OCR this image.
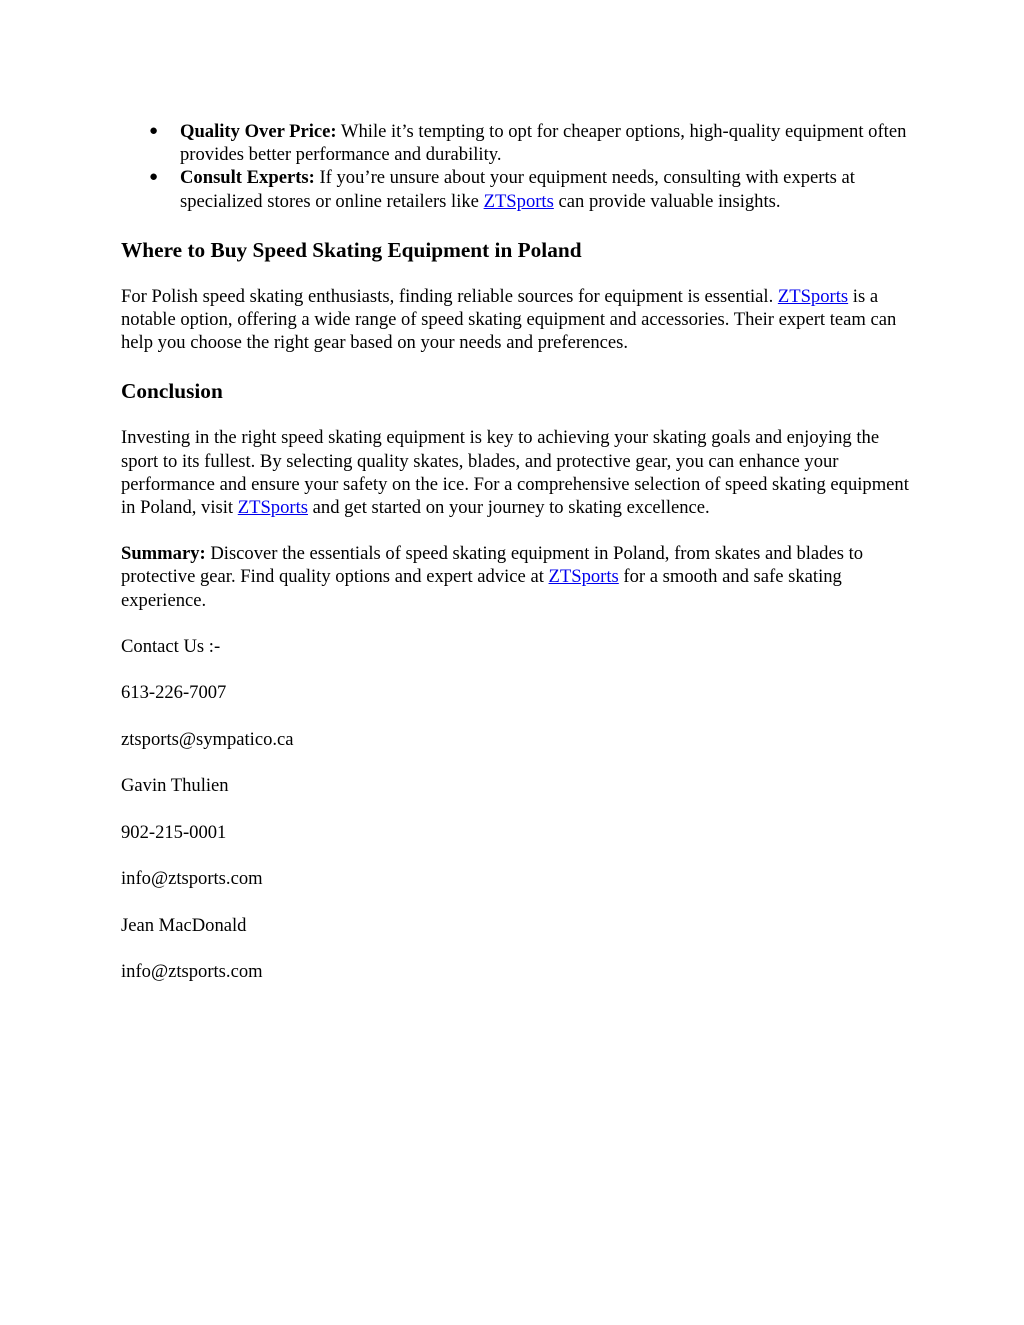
● Quality Over Price: While it’s tempting to opt for cheaper options, high-quality equipment often provides better performance and durability.
● Consult Experts: If you’re unsure about your equipment needs, consulting with experts at specialized stores or online retailers like ZTSports can provide valuable insights.
Where to Buy Speed Skating Equipment in Poland

For Polish speed skating enthusiasts, finding reliable sources for equipment is essential. ZTSports is a notable option, offering a wide range of speed skating equipment and accessories. Their expert team can help you choose the right gear based on your needs and preferences.

Conclusion

Investing in the right speed skating equipment is key to achieving your skating goals and enjoying the sport to its fullest. By selecting quality skates, blades, and protective gear, you can enhance your performance and ensure your safety on the ice. For a comprehensive selection of speed skating equipment in Poland, visit ZTSports and get started on your journey to skating excellence.

Summary: Discover the essentials of speed skating equipment in Poland, from skates and blades to protective gear. Find quality options and expert advice at ZTSports for a smooth and safe skating experience.

Contact Us :-

613-226-7007

ztsports@sympatico.ca

Gavin Thulien

902-215-0001

info@ztsports.com

Jean MacDonald

info@ztsports.com
